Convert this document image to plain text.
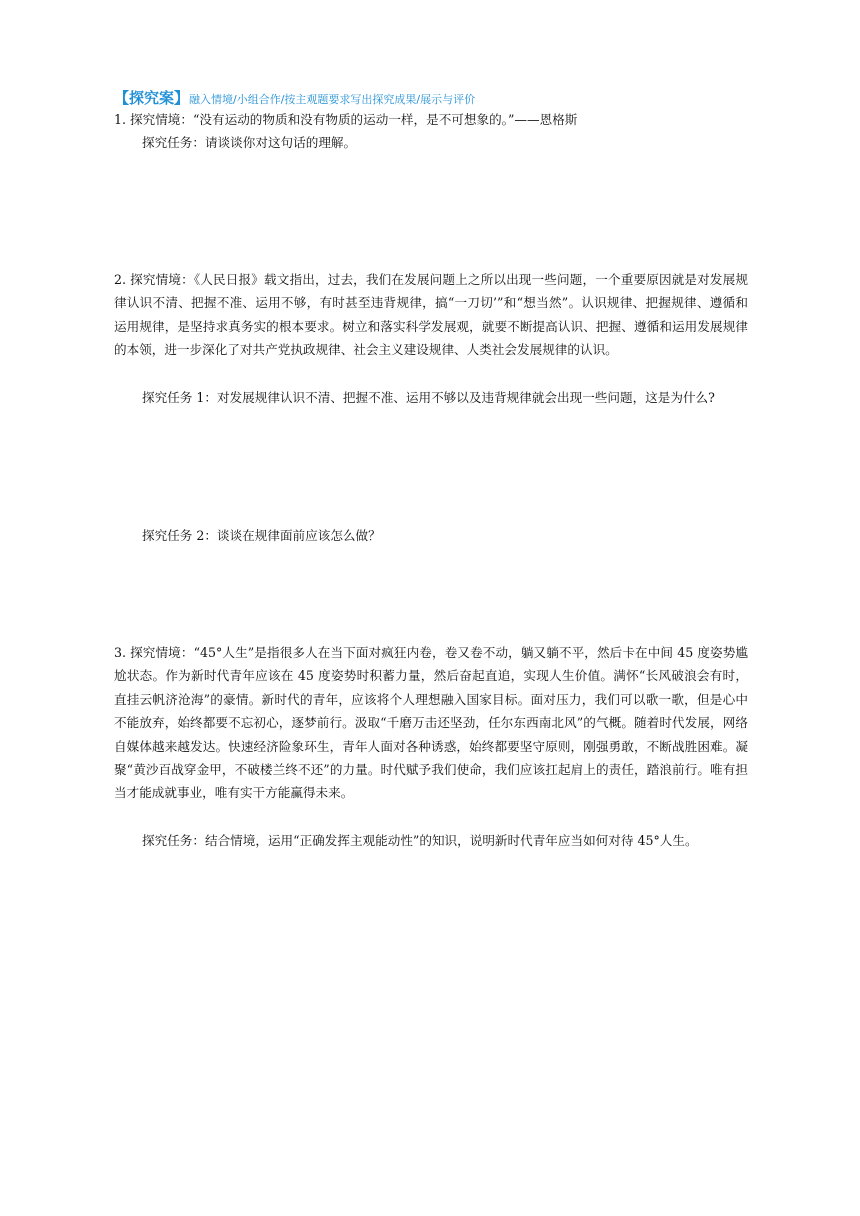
【探究案】融入情境/小组合作/按主观题要求写出探究成果/展示与评价
1. 探究情境：“没有运动的物质和没有物质的运动一样，是不可想象的。”——恩格斯
探究任务：请谈谈你对这句话的理解。
2. 探究情境：《人民日报》载文指出，过去，我们在发展问题上之所以出现一些问题，一个重要原因就是对发展规律认识不清、把握不准、运用不够，有时甚至违背规律，搞“一刀切’”和“想当然”。认识规律、把握规律、遵循和运用规律，是坚持求真务实的根本要求。树立和落实科学发展观，就要不断提高认识、把握、遵循和运用发展规律的本领，进一步深化了对共产党执政规律、社会主义建设规律、人类社会发展规律的认识。
探究任务 1：对发展规律认识不清、把握不准、运用不够以及违背规律就会出现一些问题，这是为什么?
探究任务 2：谈谈在规律面前应该怎么做？
3. 探究情境：“45°人生”是指很多人在当下面对疯狂内卷，卷又卷不动，躺又躺不平，然后卡在中间 45 度姿势尴尬状态。作为新时代青年应该在 45 度姿势时积蓄力量，然后奋起直追，实现人生价值。满怀“长风破浪会有时，直挂云帆济沧海”的豪情。新时代的青年，应该将个人理想融入国家目标。面对压力，我们可以歌一歌，但是心中不能放弃，始终都要不忘初心，逐梦前行。汲取“千磨万击还坚劲，任尔东西南北风”的气概。随着时代发展，网络自媒体越来越发达。快速经济险象环生，青年人面对各种诱惑，始终都要坚守原则，刚强勇敢，不断战胜困难。凝聚“黄沙百战穿金甲，不破楼兰终不还”的力量。时代赋予我们使命，我们应该扛起肩上的责任，踏浪前行。唯有担当才能成就事业，唯有实干方能赢得未来。
探究任务：结合情境，运用“正确发挥主观能动性”的知识，说明新时代青年应当如何对待 45°人生。
